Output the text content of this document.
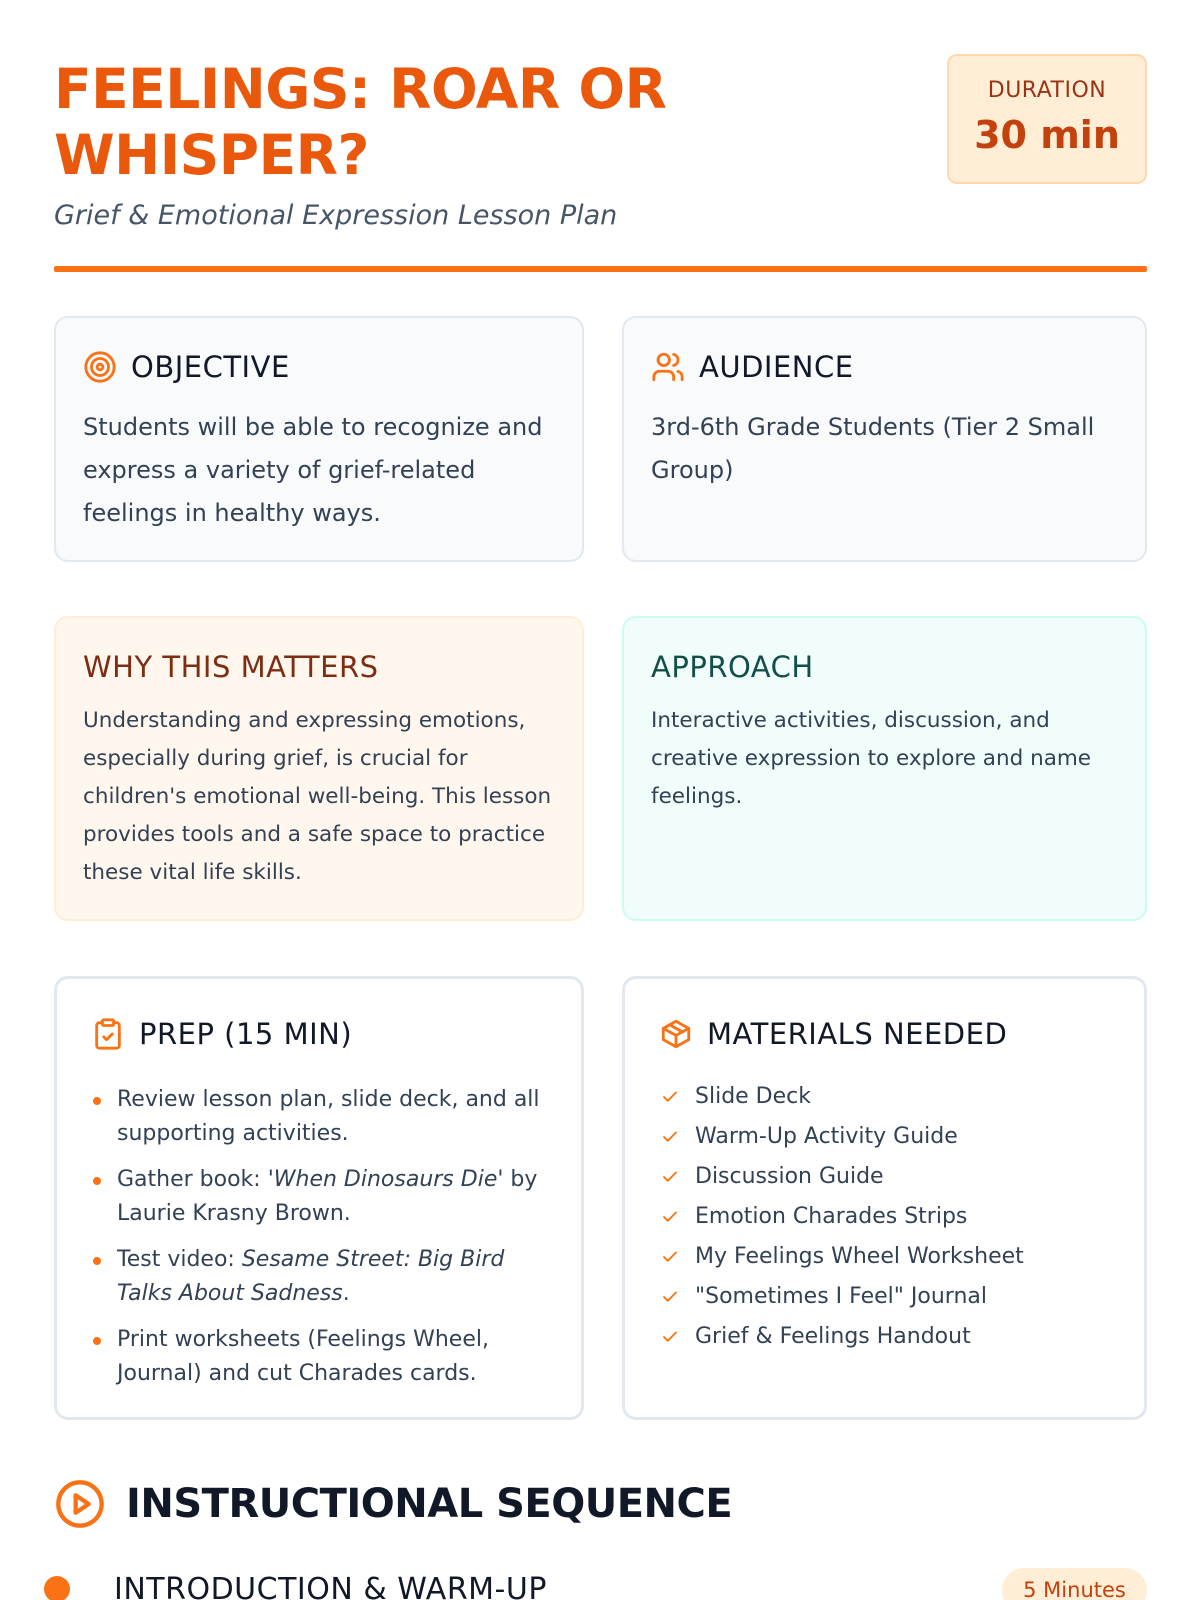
FEELINGS: ROAR OR WHISPER?
Grief & Emotional Expression Lesson Plan
DURATION
30 min
OBJECTIVE
Students will be able to recognize and express a variety of grief-related feelings in healthy ways.
AUDIENCE
3rd-6th Grade Students (Tier 2 Small Group)
WHY THIS MATTERS
Understanding and expressing emotions, especially during grief, is crucial for children's emotional well-being. This lesson provides tools and a safe space to practice these vital life skills.
APPROACH
Interactive activities, discussion, and creative expression to explore and name feelings.
PREP (15 MIN)
Review lesson plan, slide deck, and all supporting activities.
Gather book: 'When Dinosaurs Die' by Laurie Krasny Brown.
Test video: Sesame Street: Big Bird Talks About Sadness.
Print worksheets (Feelings Wheel, Journal) and cut Charades cards.
MATERIALS NEEDED
Slide Deck
Warm-Up Activity Guide
Discussion Guide
Emotion Charades Strips
My Feelings Wheel Worksheet
"Sometimes I Feel" Journal
Grief & Feelings Handout
INSTRUCTIONAL SEQUENCE
INTRODUCTION & WARM-UP	5 Minutes
